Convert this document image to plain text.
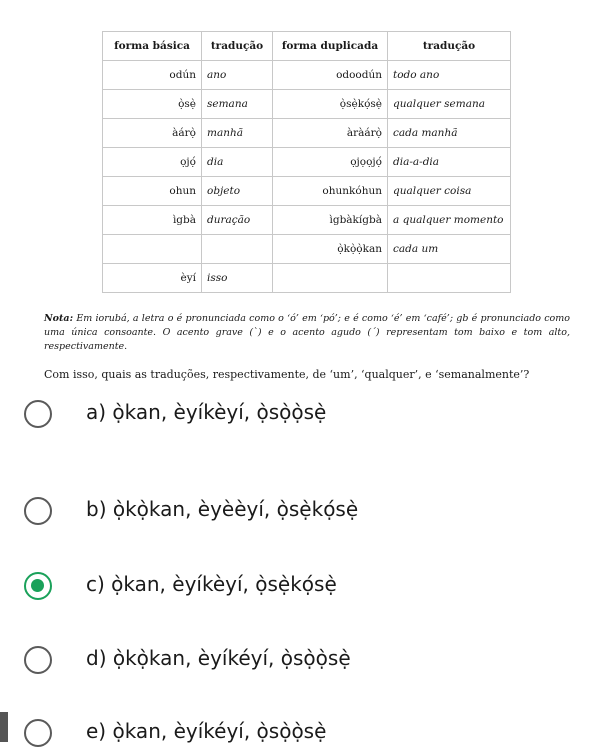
forma básica	tradução	forma duplicada	tradução
odún	ano	odoodún	todo ano
ọ̀sẹ̀	semana	ọ̀sẹ̀kọ́sẹ̀	qualquer semana
àárọ̀	manhã	àràárọ̀	cada manhã
ọjọ́	dia	ọjọọjọ́	dia-a-dia
ohun	objeto	ohunkóhun	qualquer coisa
ìgbà	duração	ìgbàkígbà	a qualquer momento
		ọ̀kọ̀ọ̀kan	cada um
èyí	isso		
Nota: Em iorubá, a letra o é pronunciada como o ‘ó’ em ‘pó’; e é como ‘é’ em ‘café’; gb é pronunciado como uma única consoante. O acento grave (`) e o acento agudo (´) representam tom baixo e tom alto, respectivamente.
Com isso, quais as traduções, respectivamente, de ‘um’, ‘qualquer’, e ‘semanalmente’?
a) ọ̀kan, èyíkèyí, ọ̀sọ̀ọ̀sẹ̀
b) ọ̀kọ̀kan, èyèèyí, ọ̀sẹ̀kọ́sẹ̀
c) ọ̀kan, èyíkèyí, ọ̀sẹ̀kọ́sẹ̀
d) ọ̀kọ̀kan, èyíkéyí, ọ̀sọ̀ọ̀sẹ̀
e) ọ̀kan, èyíkéyí, ọ̀sọ̀ọ̀sẹ̀
